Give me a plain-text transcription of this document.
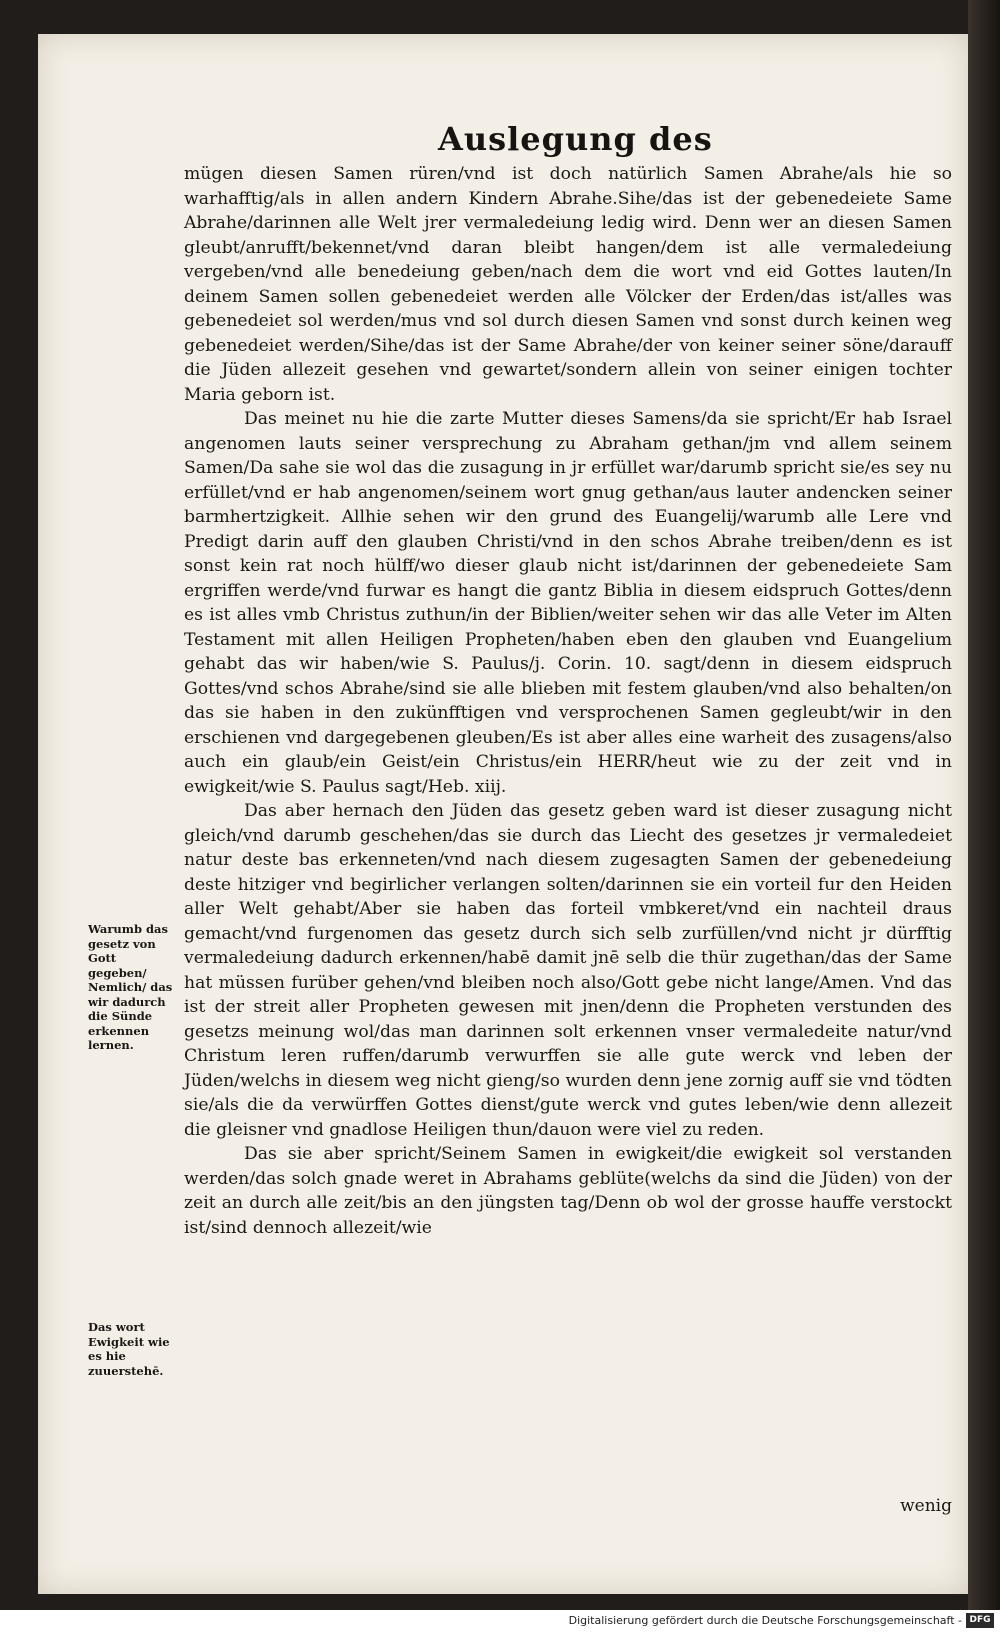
Auslegung des
Warumb das gesetz von Gott gegeben/ Nemlich/ das wir dadurch die Sünde erkennen lernen.
Das wort Ewigkeit wie es hie zuuerstehē.

mügen diesen Samen rüren/vnd ist doch natürlich Samen Abrahe/als hie so warhafftig/als in allen andern Kindern Abrahe.Sihe/das ist der gebenedeiete Same Abrahe/darinnen alle Welt jrer vermaledeiung ledig wird. Denn wer an diesen Samen gleubt/anrufft/bekennet/vnd daran bleibt hangen/dem ist alle vermaledeiung vergeben/vnd alle benedeiung geben/nach dem die wort vnd eid Gottes lauten/In deinem Samen sollen gebenedeiet werden alle Völcker der Erden/das ist/alles was gebenedeiet sol werden/mus vnd sol durch diesen Samen vnd sonst durch keinen weg gebenedeiet werden/Sihe/das ist der Same Abrahe/der von keiner seiner söne/darauff die Jüden allezeit gesehen vnd gewartet/sondern allein von seiner einigen tochter Maria geborn ist.

Das meinet nu hie die zarte Mutter dieses Samens/da sie spricht/Er hab Israel angenomen lauts seiner versprechung zu Abraham gethan/jm vnd allem seinem Samen/Da sahe sie wol das die zusagung in jr erfüllet war/darumb spricht sie/es sey nu erfüllet/vnd er hab angenomen/seinem wort gnug gethan/aus lauter andencken seiner barmhertzigkeit. Allhie sehen wir den grund des Euangelij/warumb alle Lere vnd Predigt darin auff den glauben Christi/vnd in den schos Abrahe treiben/denn es ist sonst kein rat noch hülff/wo dieser glaub nicht ist/darinnen der gebenedeiete Sam ergriffen werde/vnd furwar es hangt die gantz Biblia in diesem eidspruch Gottes/denn es ist alles vmb Christus zuthun/in der Biblien/weiter sehen wir das alle Veter im Alten Testament mit allen Heiligen Propheten/haben eben den glauben vnd Euangelium gehabt das wir haben/wie S. Paulus/j. Corin. 10. sagt/denn in diesem eidspruch Gottes/vnd schos Abrahe/sind sie alle blieben mit festem glauben/vnd also behalten/on das sie haben in den zukünfftigen vnd versprochenen Samen gegleubt/wir in den erschienen vnd dargegebenen gleuben/Es ist aber alles eine warheit des zusagens/also auch ein glaub/ein Geist/ein Christus/ein HERR/heut wie zu der zeit vnd in ewigkeit/wie S. Paulus sagt/Heb. xiij.

Das aber hernach den Jüden das gesetz geben ward ist dieser zusagung nicht gleich/vnd darumb geschehen/das sie durch das Liecht des gesetzes jr vermaledeiet natur deste bas erkenneten/vnd nach diesem zugesagten Samen der gebenedeiung deste hitziger vnd begirlicher verlangen solten/darinnen sie ein vorteil fur den Heiden aller Welt gehabt/Aber sie haben das forteil vmbkeret/vnd ein nachteil draus gemacht/vnd furgenomen das gesetz durch sich selb zurfüllen/vnd nicht jr dürfftig vermaledeiung dadurch erkennen/habē damit jnē selb die thür zugethan/das der Same hat müssen furüber gehen/vnd bleiben noch also/Gott gebe nicht lange/Amen. Vnd das ist der streit aller Propheten gewesen mit jnen/denn die Propheten verstunden des gesetzs meinung wol/das man darinnen solt erkennen vnser vermaledeite natur/vnd Christum leren ruffen/darumb verwurffen sie alle gute werck vnd leben der Jüden/welchs in diesem weg nicht gieng/so wurden denn jene zornig auff sie vnd tödten sie/als die da verwürffen Gottes dienst/gute werck vnd gutes leben/wie denn allezeit die gleisner vnd gnadlose Heiligen thun/dauon were viel zu reden.

Das sie aber spricht/Seinem Samen in ewigkeit/die ewigkeit sol verstanden werden/das solch gnade weret in Abrahams geblüte(welchs da sind die Jüden) von der zeit an durch alle zeit/bis an den jüngsten tag/Denn ob wol der grosse hauffe verstockt ist/sind dennoch allezeit/wie

wenig
Digitalisierung gefördert durch die Deutsche Forschungsgemeinschaft - DFG
